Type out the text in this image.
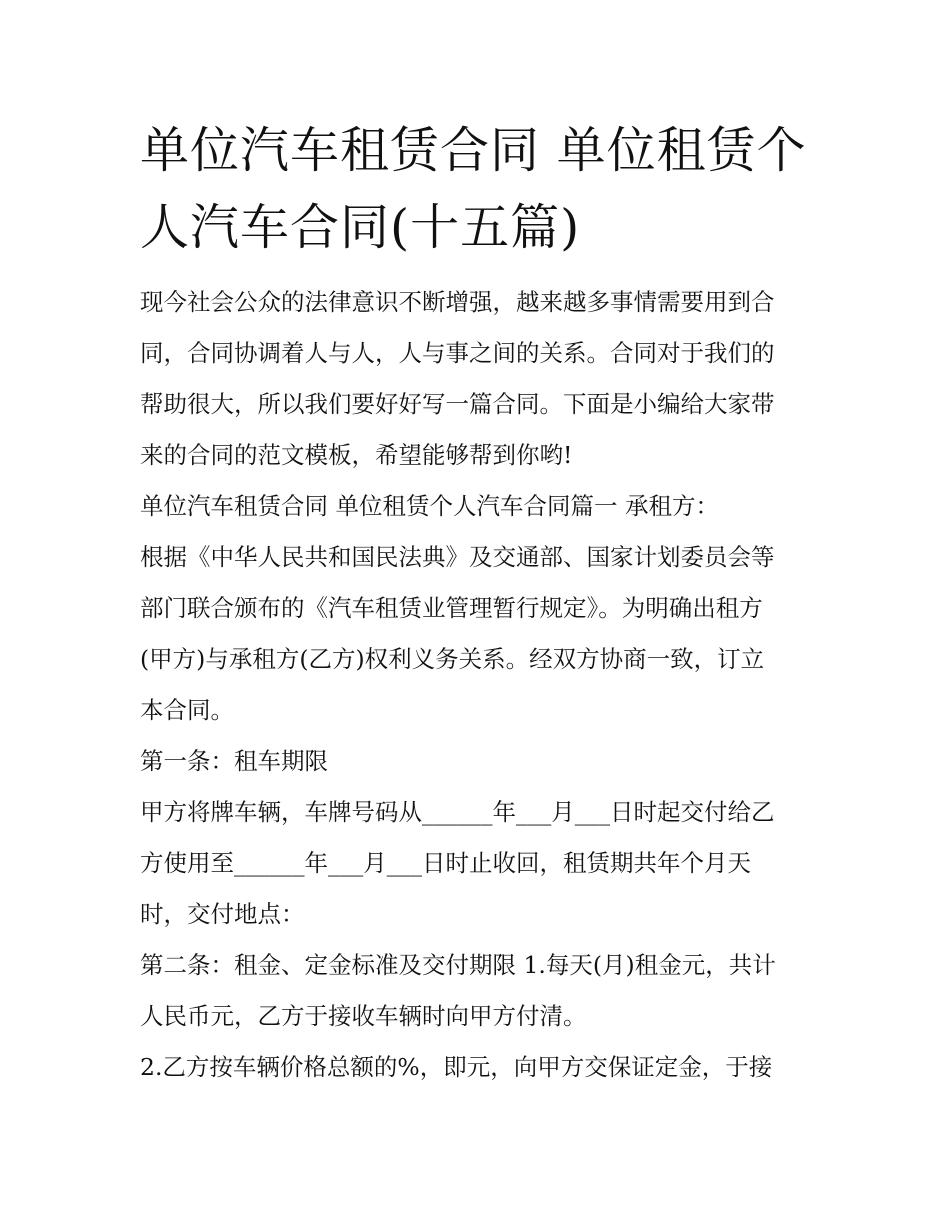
单位汽车租赁合同 单位租赁个
人汽车合同(十五篇)
现今社会公众的法律意识不断增强，越来越多事情需要用到合
同，合同协调着人与人，人与事之间的关系。合同对于我们的
帮助很大，所以我们要好好写一篇合同。下面是小编给大家带
来的合同的范文模板，希望能够帮到你哟!
单位汽车租赁合同 单位租赁个人汽车合同篇一 承租方：
根据《中华人民共和国民法典》及交通部、国家计划委员会等
部门联合颁布的《汽车租赁业管理暂行规定》。为明确出租方
(甲方)与承租方(乙方)权利义务关系。经双方协商一致，订立
本合同。
第一条：租车期限
甲方将牌车辆，车牌号码从______年___月___日时起交付给乙
方使用至______年___月___日时止收回，租赁期共年个月天
时，交付地点：
第二条：租金、定金标准及交付期限 1.每天(月)租金元，共计
人民币元，乙方于接收车辆时向甲方付清。
2.乙方按车辆价格总额的%，即元，向甲方交保证定金，于接
